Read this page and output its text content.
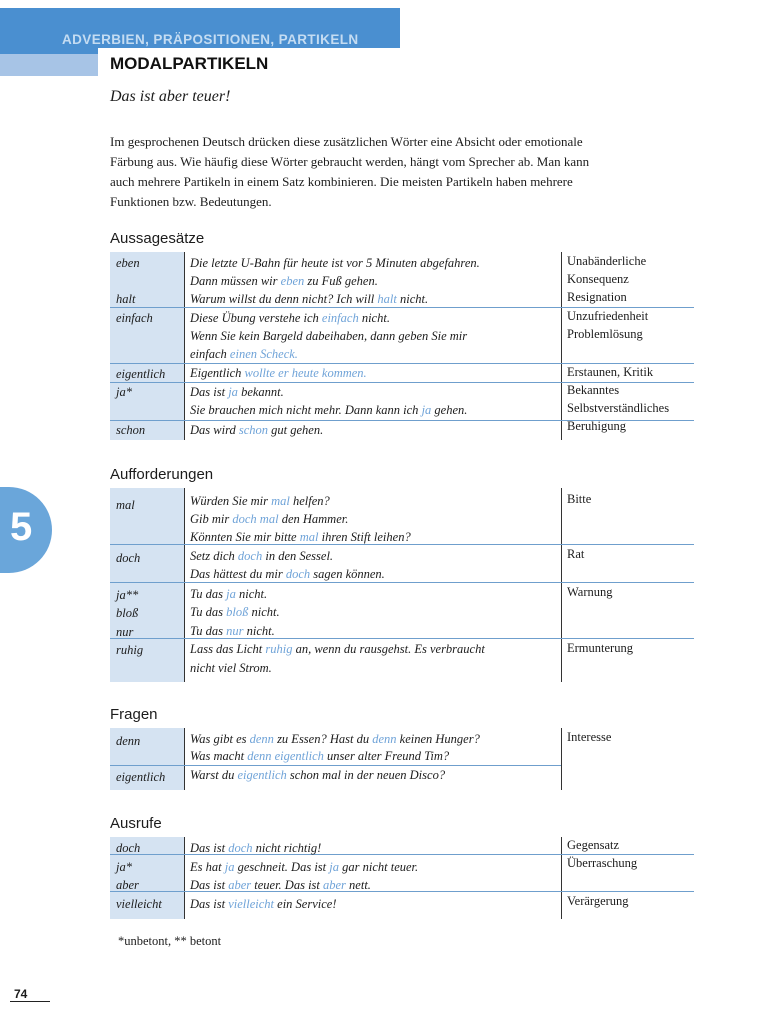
ADVERBIEN, PRÄPOSITIONEN, PARTIKELN
MODALPARTIKELN
Das ist aber teuer!
Im gesprochenen Deutsch drücken diese zusätzlichen Wörter eine Absicht oder emotionale
Färbung aus. Wie häufig diese Wörter gebraucht werden, hängt vom Sprecher ab. Man kann
auch mehrere Partikeln in einem Satz kombinieren. Die meisten Partikeln haben mehrere
Funktionen bzw. Bedeutungen.
Aussagesätze
eben
halt
einfach
eigentlich
ja*
schon
Die letzte U-Bahn für heute ist vor 5 Minuten abgefahren.
Dann müssen wir eben zu Fuß gehen.
Warum willst du denn nicht? Ich will halt nicht.
Diese Übung verstehe ich einfach nicht.
Wenn Sie kein Bargeld dabeihaben, dann geben Sie mir
einfach einen Scheck.
Eigentlich wollte er heute kommen.
Das ist ja bekannt.
Sie brauchen mich nicht mehr. Dann kann ich ja gehen.
Das wird schon gut gehen.
Unabänderliche
Konsequenz
Resignation
Unzufriedenheit
Problemlösung
Erstaunen, Kritik
Bekanntes
Selbstverständliches
Beruhigung
5
Aufforderungen
mal
doch
ja**
bloß
nur
ruhig
Würden Sie mir mal helfen?
Gib mir doch mal den Hammer.
Könnten Sie mir bitte mal ihren Stift leihen?
Setz dich doch in den Sessel.
Das hättest du mir doch sagen können.
Tu das ja nicht.
Tu das bloß nicht.
Tu das nur nicht.
Lass das Licht ruhig an, wenn du rausgehst. Es verbraucht
nicht viel Strom.
Bitte
Rat
Warnung
Ermunterung
Fragen
denn
eigentlich
Was gibt es denn zu Essen? Hast du denn keinen Hunger?
Was macht denn eigentlich unser alter Freund Tim?
Warst du eigentlich schon mal in der neuen Disco?
Interesse
Ausrufe
doch
ja*
aber
vielleicht
Das ist doch nicht richtig!
Es hat ja geschneit. Das ist ja gar nicht teuer.
Das ist aber teuer. Das ist aber nett.
Das ist vielleicht ein Service!
Gegensatz
Überraschung
Verärgerung
*unbetont, ** betont
74
